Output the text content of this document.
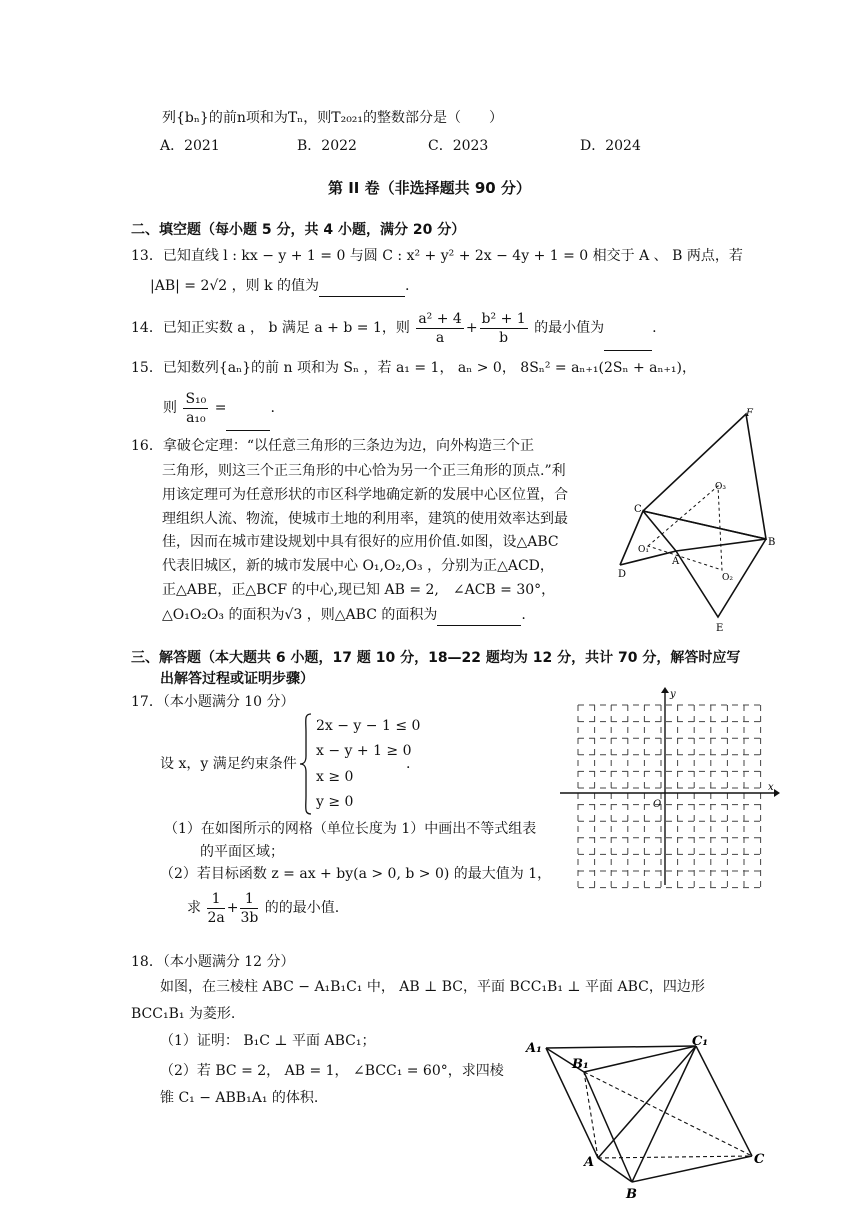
列{bₙ}的前n项和为Tₙ，则T₂₀₂₁的整数部分是（　　）
A．2021	B．2022	C．2023	D．2024
第 II 卷（非选择题共 90 分）
二、填空题（每小题 5 分，共 4 小题，满分 20 分）
13．已知直线 l : kx − y + 1 = 0 与圆 C : x² + y² + 2x − 4y + 1 = 0 相交于 A 、 B 两点，若
|AB| = 2√2 ，则 k 的值为	.
14．已知正实数 a ， b 满足 a + b = 1，则 $\frac{\text{a² + 4}}{a} + \frac{\text{b² + 1}}{b}$ 的最小值为	.
15．已知数列{aₙ}的前 n 项和为 Sₙ ，若 a₁ = 1， aₙ > 0， 8Sₙ² = aₙ₊₁(2Sₙ + aₙ₊₁)，
则 $\frac{\text{S₁₀}}{\text{a₁₀}}$ =	.
16．拿破仑定理：“以任意三角形的三条边为边，向外构造三个正
三角形，则这三个正三角形的中心恰为另一个正三角形的顶点.”利
用该定理可为任意形状的市区科学地确定新的发展中心区位置，合
理组织人流、物流，使城市土地的利用率，建筑的使用效率达到最
佳，因而在城市建设规划中具有很好的应用价值.如图，设△ABC
代表旧城区，新的城市发展中心 O₁,O₂,O₃ ，分别为正△ACD，
正△ABE，正△BCF 的中心,现已知 AB = 2,　∠ACB = 30°，
△O₁O₂O₃ 的面积为√3 ，则△ABC 的面积为	.
F
O₃
C
B
O₁
A
O₂
D
E
三、解答题（本大题共 6 小题，17 题 10 分，18—22 题均为 12 分，共计 70 分，解答时应写
出解答过程或证明步骤）
17．（本小题满分 10 分）
设 x，y 满足约束条件
2x − y − 1 ≤ 0
x − y + 1 ≥ 0
x ≥ 0
y ≥ 0
.
（1）在如图所示的网格（单位长度为 1）中画出不等式组表
的平面区域；
（2）若目标函数 z = ax + by(a > 0, b > 0) 的最大值为 1，
求 $\frac{1}{2a} + \frac{1}{3b}$ 的的最小值.
y
O
x
18．（本小题满分 12 分）
如图，在三棱柱 ABC − A₁B₁C₁ 中， AB ⊥ BC，平面 BCC₁B₁ ⊥ 平面 ABC，四边形
BCC₁B₁ 为菱形.
（1）证明： B₁C ⊥ 平面 ABC₁；
（2）若 BC = 2， AB = 1， ∠BCC₁ = 60°，求四棱
锥 C₁ − ABB₁A₁ 的体积.
A₁
B₁
C₁
A	C
B
